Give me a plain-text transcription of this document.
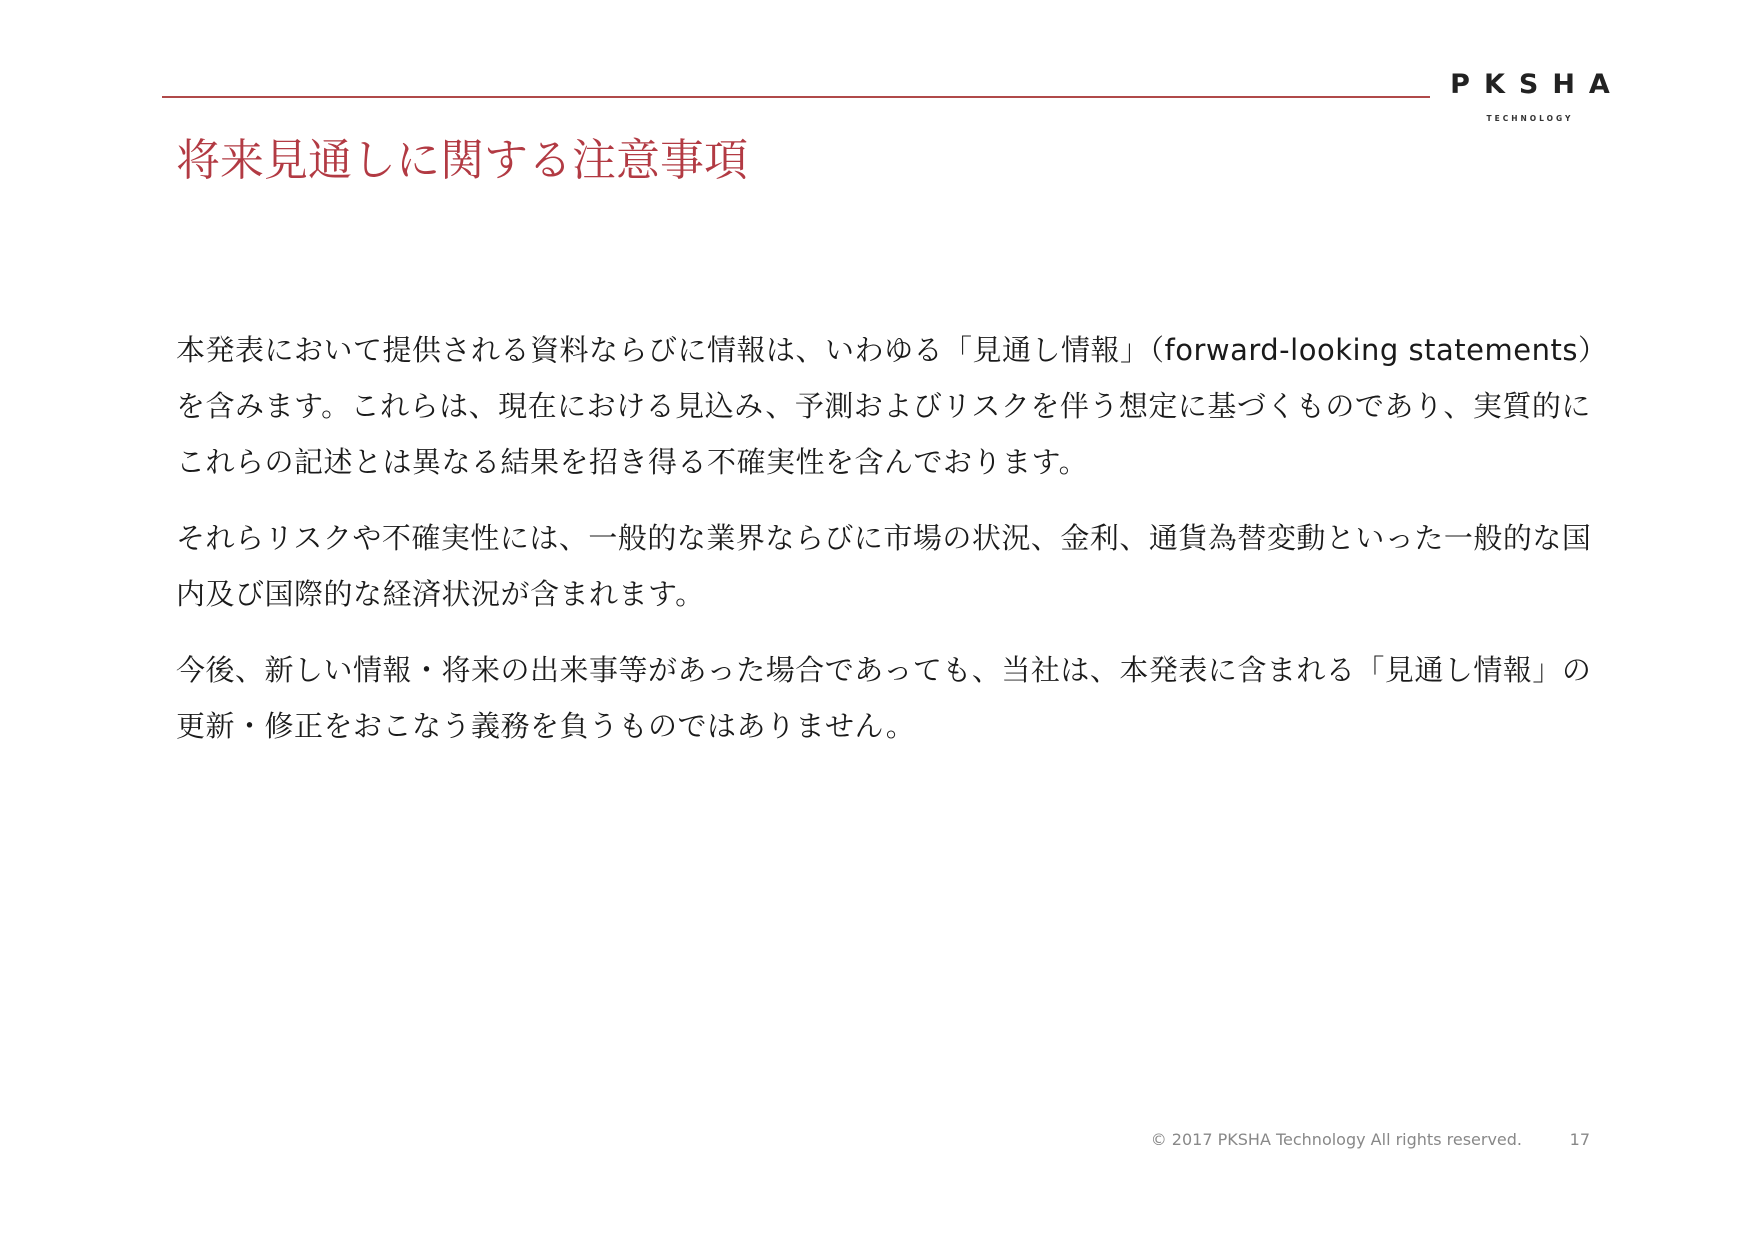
PKSHA
TECHNOLOGY
将来見通しに関する注意事項

本発表において提供される資料ならびに情報は、いわゆる「見通し情報」（forward-looking statements）を含みます。これらは、現在における見込み、予測およびリスクを伴う想定に基づくものであり、実質的にこれらの記述とは異なる結果を招き得る不確実性を含んでおります。

それらリスクや不確実性には、一般的な業界ならびに市場の状況、金利、通貨為替変動といった一般的な国内及び国際的な経済状況が含まれます。

今後、新しい情報・将来の出来事等があった場合であっても、当社は、本発表に含まれる「見通し情報」の更新・修正をおこなう義務を負うものではありません。

© 2017 PKSHA Technology All rights reserved.	17
